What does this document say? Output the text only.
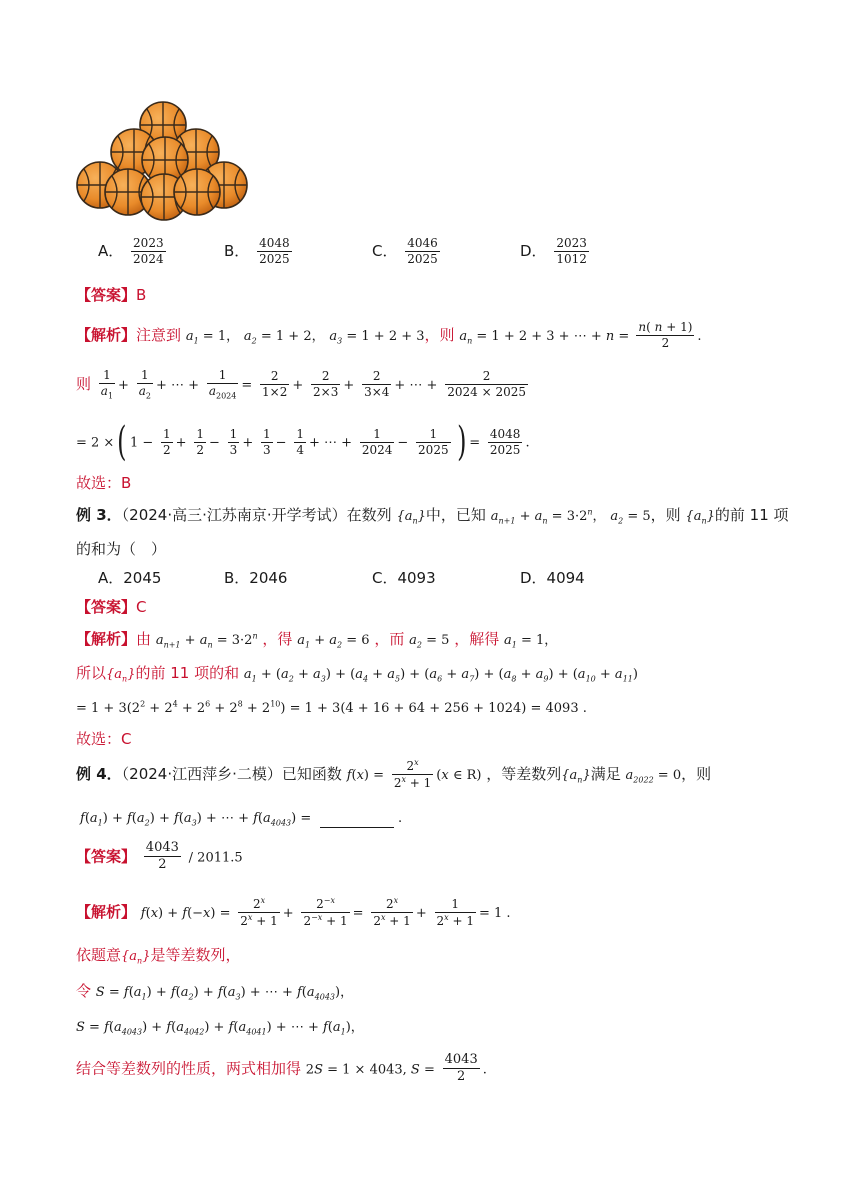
A． $\frac{2023}{2024}$	B． $\frac{4048}{2025}$	C． $\frac{4046}{2025}$	D． $\frac{2023}{1012}$
【答案】B
【解析】注意到 $a_1 = 1$， $a_2 = 1 + 2$， $a_3 = 1 + 2 + 3$，则 $a_n = 1 + 2 + 3$ + ⋯ + $n = \frac{n( n + 1)}{2}$ .
则 $\frac{1}{a_1} + \frac{1}{a_2}$ + ⋯ + $\frac{1}{a_{2024}} = \frac{2}{1\times 2} + \frac{2}{2\times 3} + \frac{2}{3\times 4}$ + ⋯ +   $\frac{2}{2024 \times 2025}$
= 2 ×( $1 - \frac{1}{2} + \frac{1}{2} - \frac{1}{3} + \frac{1}{3} - \frac{1}{4}$ + ⋯ + $\frac{1}{2024} - \frac{1}{2025}$ ) = $\frac{4048}{2025}$ .
故选：B
例 3．（2024·高三·江苏南京·开学考试）在数列 $\{a_n\}$中，已知 $a_{n+1} + a_n = 3\cdot 2^n$， $a_2 = 5$，则 $\{a_n\}$的前 11 项
的和为（　）
A．2045	B．2046	C．4093	D．4094
【答案】C
【解析】由 $a_{n+1} + a_n = 3\cdot 2^n$ ，得 $a_1 + a_2 = 6$ ，而 $a_2 = 5$ ，解得 $a_1 = 1$，
所以$\{a_n\}$的前 11 项的和 $a_1 + (a_2 + a_3) + (a_4 + a_5) + (a_6 + a_7) + (a_8 + a_9) + (a_{10} + a_{11})$
= $1 + 3(2^2 + 2^4 + 2^6 + 2^8 + 2^{10}) = 1 + 3(4 + 16 + 64 + 256 + 1024) = 4093$ .
故选：C
例 4．（2024·江西萍乡·二模）已知函数 $f(x) = \frac{2^x}{2^x + 1} (x$ ∈ R) ，等差数列$\{a_n\}$满足 $a_{2022} = 0$，则
$f(a_1) + f(a_2) + f(a_3)$ + ⋯ + $f(a_{4043})$ =	.
【答案】 $\frac{4043}{2} / 2011.5$
【解析】 $f(x) + f(-x) = \frac{2^x}{2^x + 1} + \frac{2^{-x}}{2^{-x} + 1} = \frac{2^x}{2^x + 1} + \frac{1}{2^x + 1} = 1$ .
依题意$\{a_n\}$是等差数列，
令 $S = f(a_1) + f(a_2) + f(a_3)$ + ⋯ + $f(a_{4043})$，
$S = f(a_{4043}) + f(a_{4042}) + f(a_{4041})$ + ⋯ + $f(a_1)$，
结合等差数列的性质，两式相加得 2S = 1 × 4043, $S = \frac{4043}{2}$ .
